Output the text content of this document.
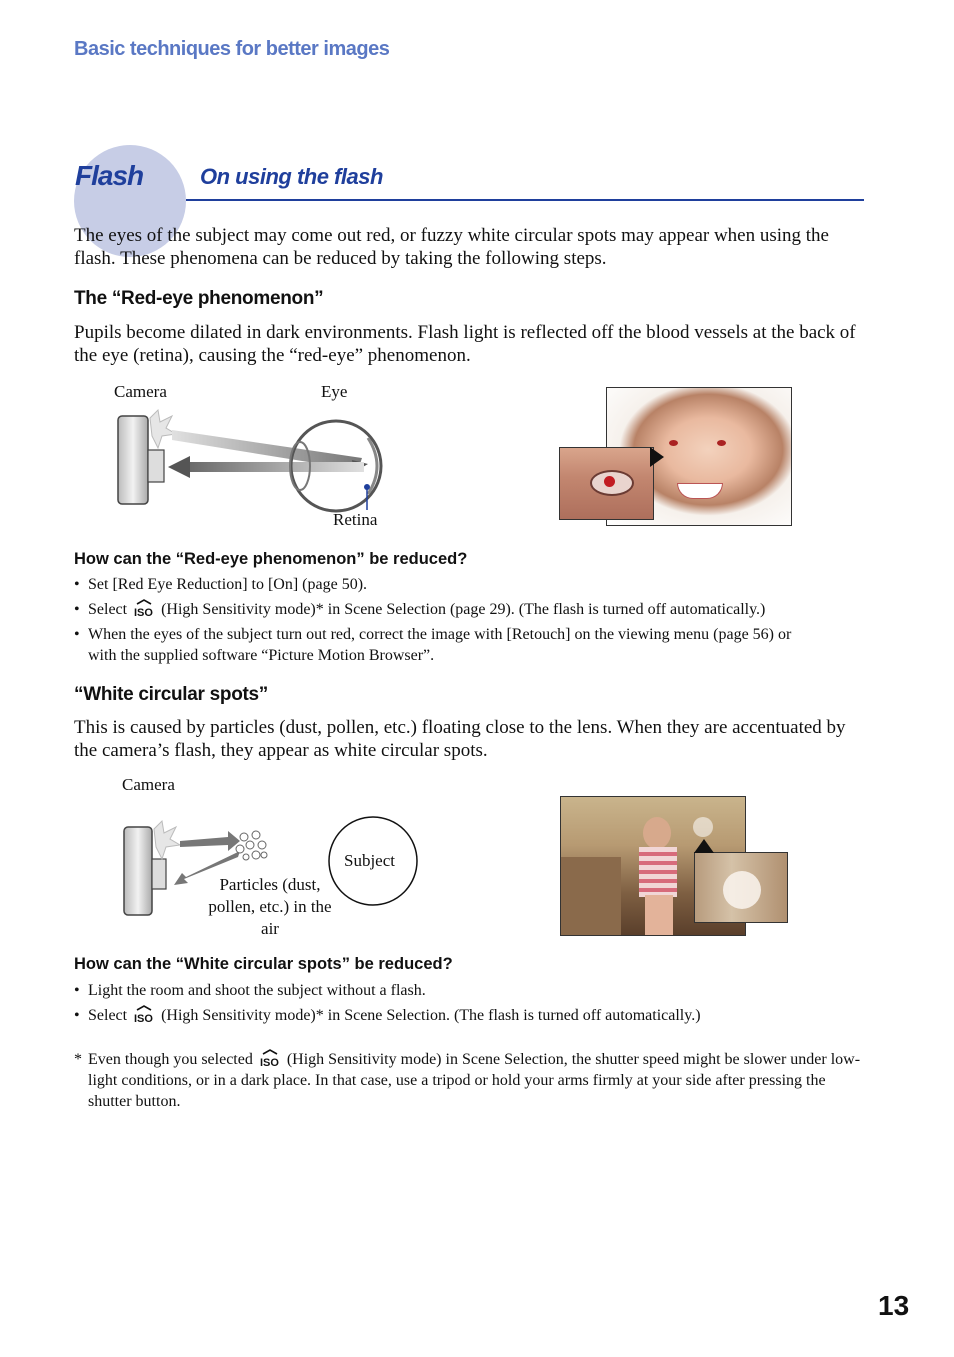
Basic techniques for better images
Flash	On using the flash
The eyes of the subject may come out red, or fuzzy white circular spots may appear when using the flash. These phenomena can be reduced by taking the following steps.
The “Red-eye phenomenon”
Pupils become dilated in dark environments. Flash light is reflected off the blood vessels at the back of the eye (retina), causing the “red-eye” phenomenon.
Camera	Eye
Retina
How can the “Red-eye phenomenon” be reduced?
• Set [Red Eye Reduction] to [On] (page 50).
• Select ISO (High Sensitivity mode)* in Scene Selection (page 29). (The flash is turned off automatically.)
• When the eyes of the subject turn out red, correct the image with [Retouch] on the viewing menu (page 56) or with the supplied software “Picture Motion Browser”.
“White circular spots”
This is caused by particles (dust, pollen, etc.) floating close to the lens. When they are accentuated by the camera’s flash, they appear as white circular spots.
Camera
Particles (dust, pollen, etc.) in the air
Subject
How can the “White circular spots” be reduced?
• Light the room and shoot the subject without a flash.
• Select ISO (High Sensitivity mode)* in Scene Selection. (The flash is turned off automatically.)
* Even though you selected ISO (High Sensitivity mode) in Scene Selection, the shutter speed might be slower under low-light conditions, or in a dark place. In that case, use a tripod or hold your arms firmly at your side after pressing the shutter button.
13
